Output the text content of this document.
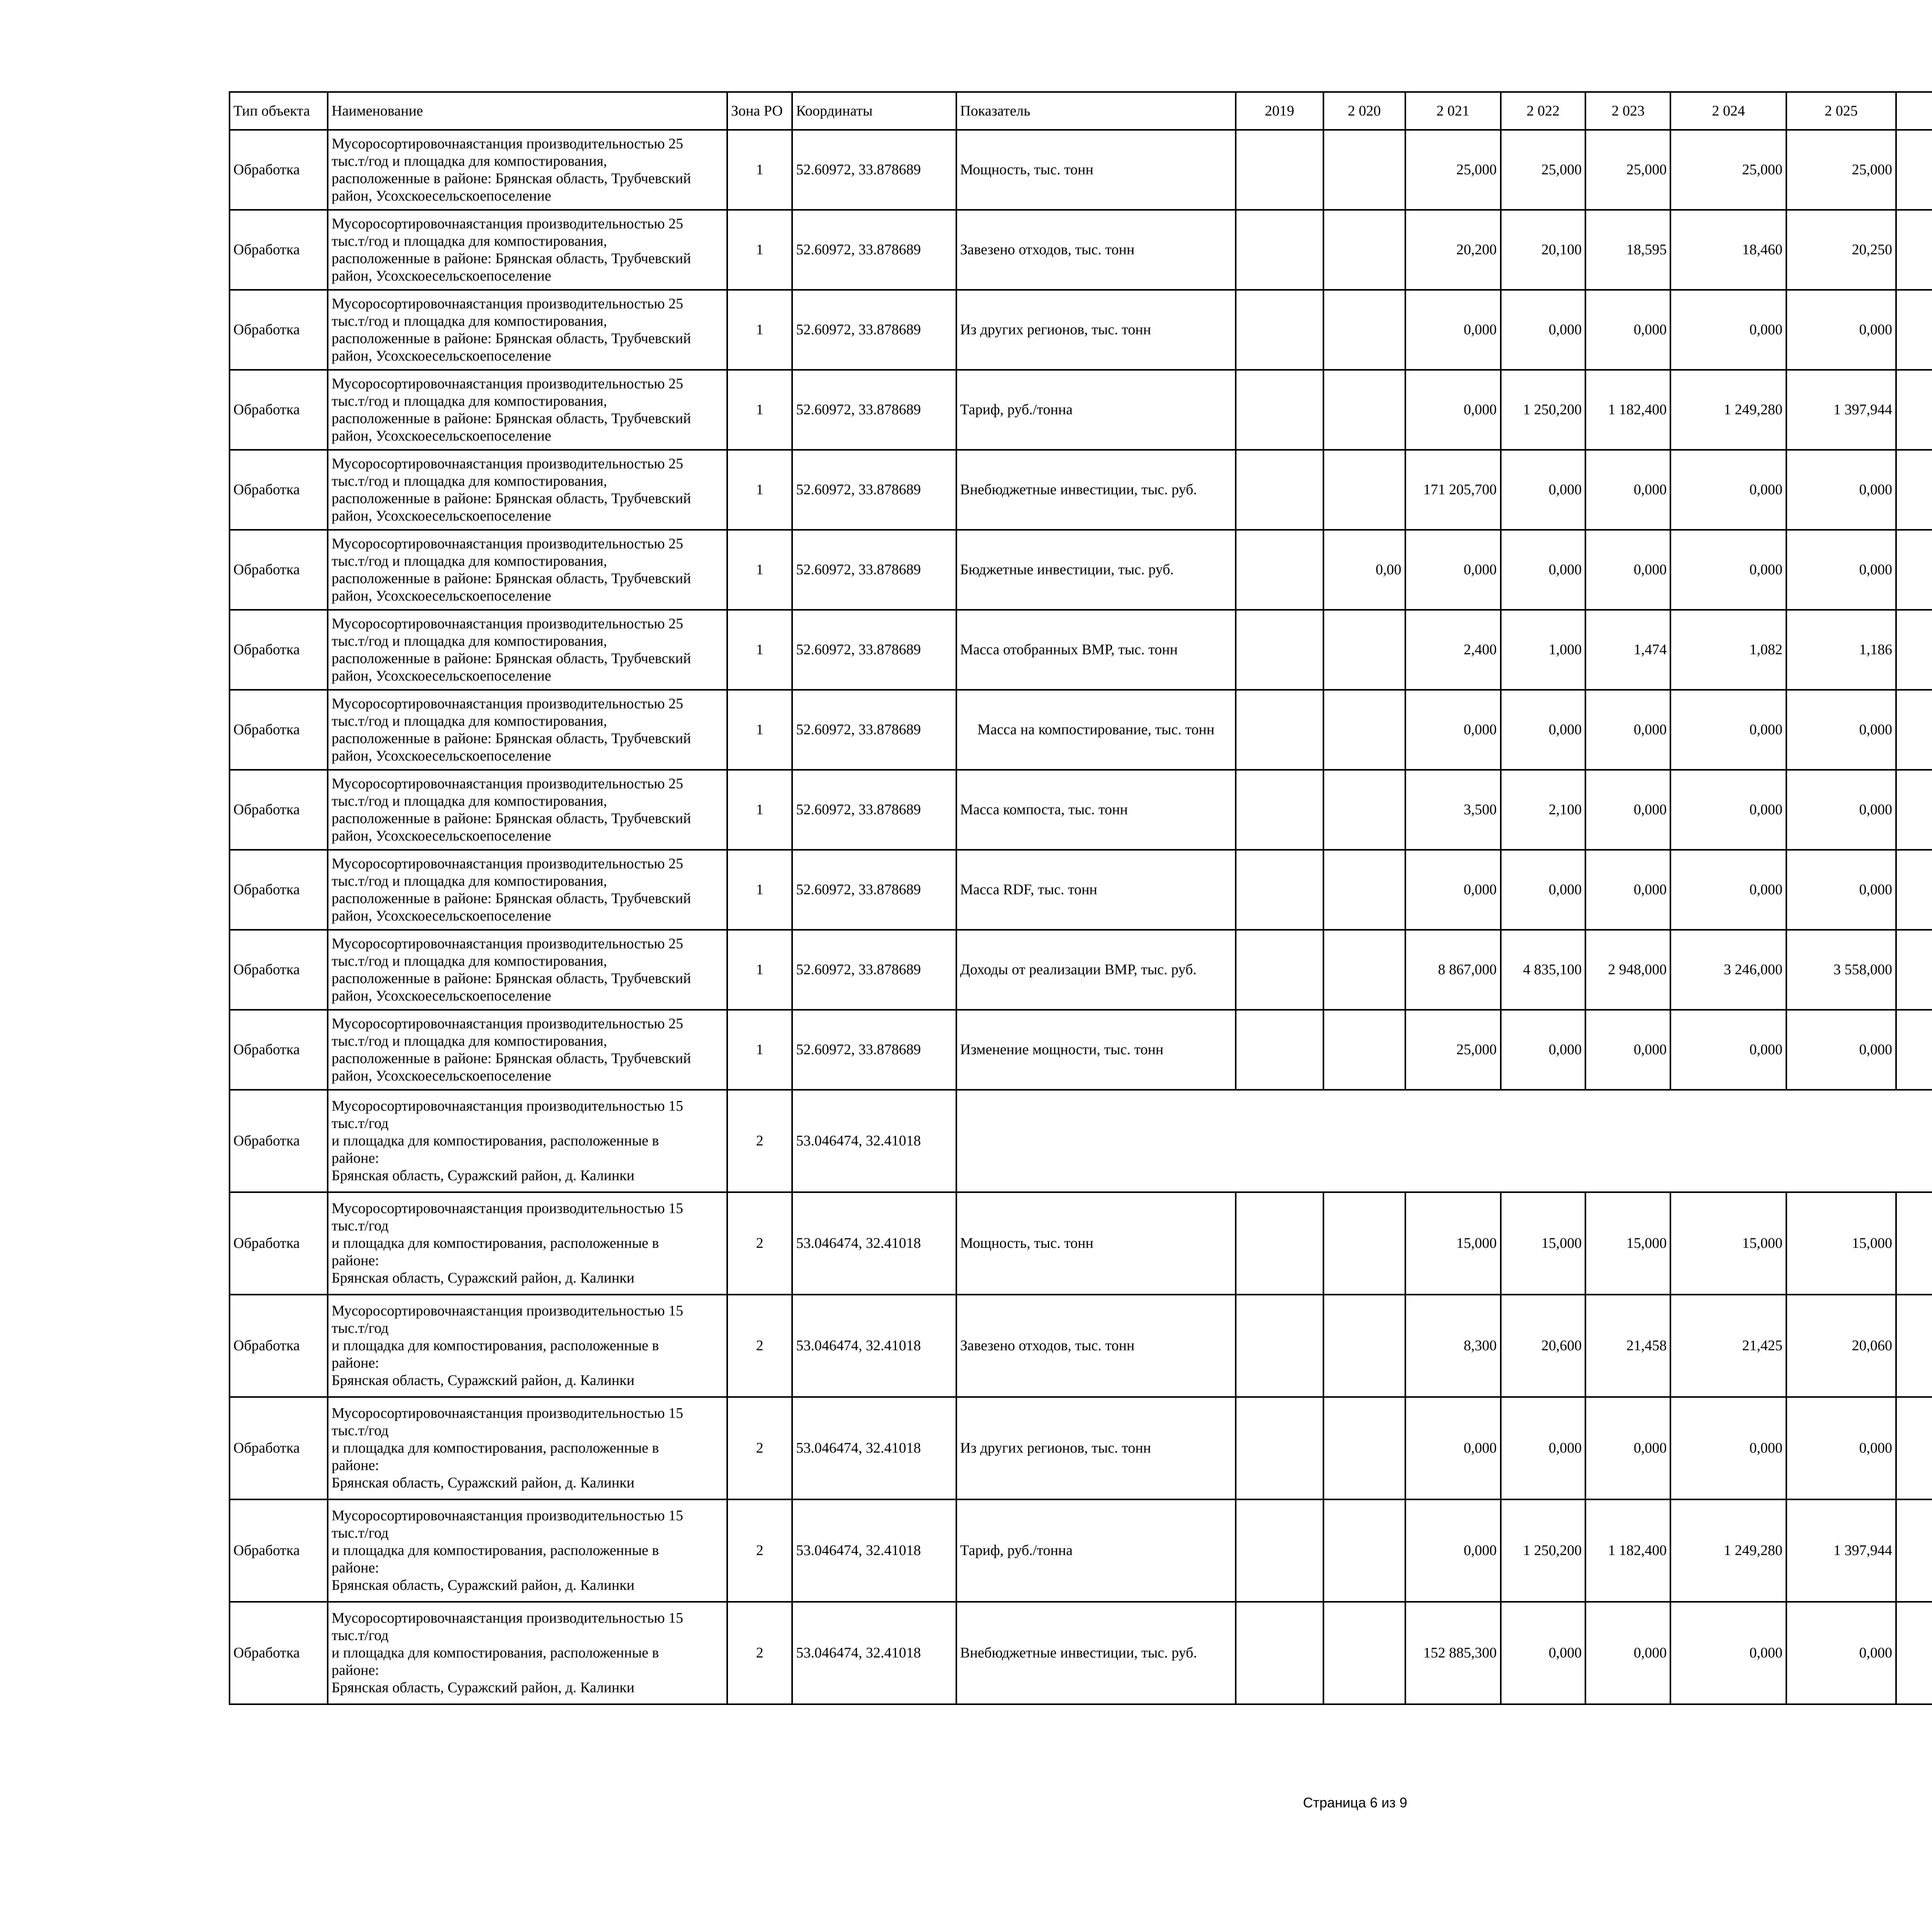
Тип объекта	Наименование	Зона РО	Координаты	Показатель	2019	2 020	2 021	2 022	2 023	2 024	2 025					
Обработка	Мусоросортировочнаястанция производительностью 25
тыс.т/год и площадка для компостирования,
расположенные в районе: Брянская область, Трубчевский
район, Усохскоесельскоепоселение	1	52.60972, 33.878689	Мощность, тыс. тонн			25,000	25,000	25,000	25,000	25,000					
Обработка	Мусоросортировочнаястанция производительностью 25
тыс.т/год и площадка для компостирования,
расположенные в районе: Брянская область, Трубчевский
район, Усохскоесельскоепоселение	1	52.60972, 33.878689	Завезено отходов, тыс. тонн			20,200	20,100	18,595	18,460	20,250					
Обработка	Мусоросортировочнаястанция производительностью 25
тыс.т/год и площадка для компостирования,
расположенные в районе: Брянская область, Трубчевский
район, Усохскоесельскоепоселение	1	52.60972, 33.878689	Из других регионов, тыс. тонн			0,000	0,000	0,000	0,000	0,000					
Обработка	Мусоросортировочнаястанция производительностью 25
тыс.т/год и площадка для компостирования,
расположенные в районе: Брянская область, Трубчевский
район, Усохскоесельскоепоселение	1	52.60972, 33.878689	Тариф, руб./тонна			0,000	1 250,200	1 182,400	1 249,280	1 397,944					
Обработка	Мусоросортировочнаястанция производительностью 25
тыс.т/год и площадка для компостирования,
расположенные в районе: Брянская область, Трубчевский
район, Усохскоесельскоепоселение	1	52.60972, 33.878689	Внебюджетные инвестиции, тыс. руб.			171 205,700	0,000	0,000	0,000	0,000					
Обработка	Мусоросортировочнаястанция производительностью 25
тыс.т/год и площадка для компостирования,
расположенные в районе: Брянская область, Трубчевский
район, Усохскоесельскоепоселение	1	52.60972, 33.878689	Бюджетные инвестиции, тыс. руб.		0,00	0,000	0,000	0,000	0,000	0,000					
Обработка	Мусоросортировочнаястанция производительностью 25
тыс.т/год и площадка для компостирования,
расположенные в районе: Брянская область, Трубчевский
район, Усохскоесельскоепоселение	1	52.60972, 33.878689	Масса отобранных ВМР, тыс. тонн			2,400	1,000	1,474	1,082	1,186					
Обработка	Мусоросортировочнаястанция производительностью 25
тыс.т/год и площадка для компостирования,
расположенные в районе: Брянская область, Трубчевский
район, Усохскоесельскоепоселение	1	52.60972, 33.878689	Масса на компостирование, тыс. тонн			0,000	0,000	0,000	0,000	0,000					
Обработка	Мусоросортировочнаястанция производительностью 25
тыс.т/год и площадка для компостирования,
расположенные в районе: Брянская область, Трубчевский
район, Усохскоесельскоепоселение	1	52.60972, 33.878689	Масса компоста, тыс. тонн			3,500	2,100	0,000	0,000	0,000					
Обработка	Мусоросортировочнаястанция производительностью 25
тыс.т/год и площадка для компостирования,
расположенные в районе: Брянская область, Трубчевский
район, Усохскоесельскоепоселение	1	52.60972, 33.878689	Масса RDF, тыс. тонн			0,000	0,000	0,000	0,000	0,000					
Обработка	Мусоросортировочнаястанция производительностью 25
тыс.т/год и площадка для компостирования,
расположенные в районе: Брянская область, Трубчевский
район, Усохскоесельскоепоселение	1	52.60972, 33.878689	Доходы от реализации ВМР, тыс. руб.			8 867,000	4 835,100	2 948,000	3 246,000	3 558,000					
Обработка	Мусоросортировочнаястанция производительностью 25
тыс.т/год и площадка для компостирования,
расположенные в районе: Брянская область, Трубчевский
район, Усохскоесельскоепоселение	1	52.60972, 33.878689	Изменение мощности, тыс. тонн			25,000	0,000	0,000	0,000	0,000					
Обработка	Мусоросортировочнаястанция производительностью 15
тыс.т/год
и площадка для компостирования, расположенные в
районе:
Брянская область, Суражский район, д. Калинки	2	53.046474, 32.41018													
Обработка	Мусоросортировочнаястанция производительностью 15
тыс.т/год
и площадка для компостирования, расположенные в
районе:
Брянская область, Суражский район, д. Калинки	2	53.046474, 32.41018	Мощность, тыс. тонн			15,000	15,000	15,000	15,000	15,000					
Обработка	Мусоросортировочнаястанция производительностью 15
тыс.т/год
и площадка для компостирования, расположенные в
районе:
Брянская область, Суражский район, д. Калинки	2	53.046474, 32.41018	Завезено отходов, тыс. тонн			8,300	20,600	21,458	21,425	20,060					
Обработка	Мусоросортировочнаястанция производительностью 15
тыс.т/год
и площадка для компостирования, расположенные в
районе:
Брянская область, Суражский район, д. Калинки	2	53.046474, 32.41018	Из других регионов, тыс. тонн			0,000	0,000	0,000	0,000	0,000					
Обработка	Мусоросортировочнаястанция производительностью 15
тыс.т/год
и площадка для компостирования, расположенные в
районе:
Брянская область, Суражский район, д. Калинки	2	53.046474, 32.41018	Тариф, руб./тонна			0,000	1 250,200	1 182,400	1 249,280	1 397,944					
Обработка	Мусоросортировочнаястанция производительностью 15
тыс.т/год
и площадка для компостирования, расположенные в
районе:
Брянская область, Суражский район, д. Калинки	2	53.046474, 32.41018	Внебюджетные инвестиции, тыс. руб.			152 885,300	0,000	0,000	0,000	0,000					
Страница 6 из 9
